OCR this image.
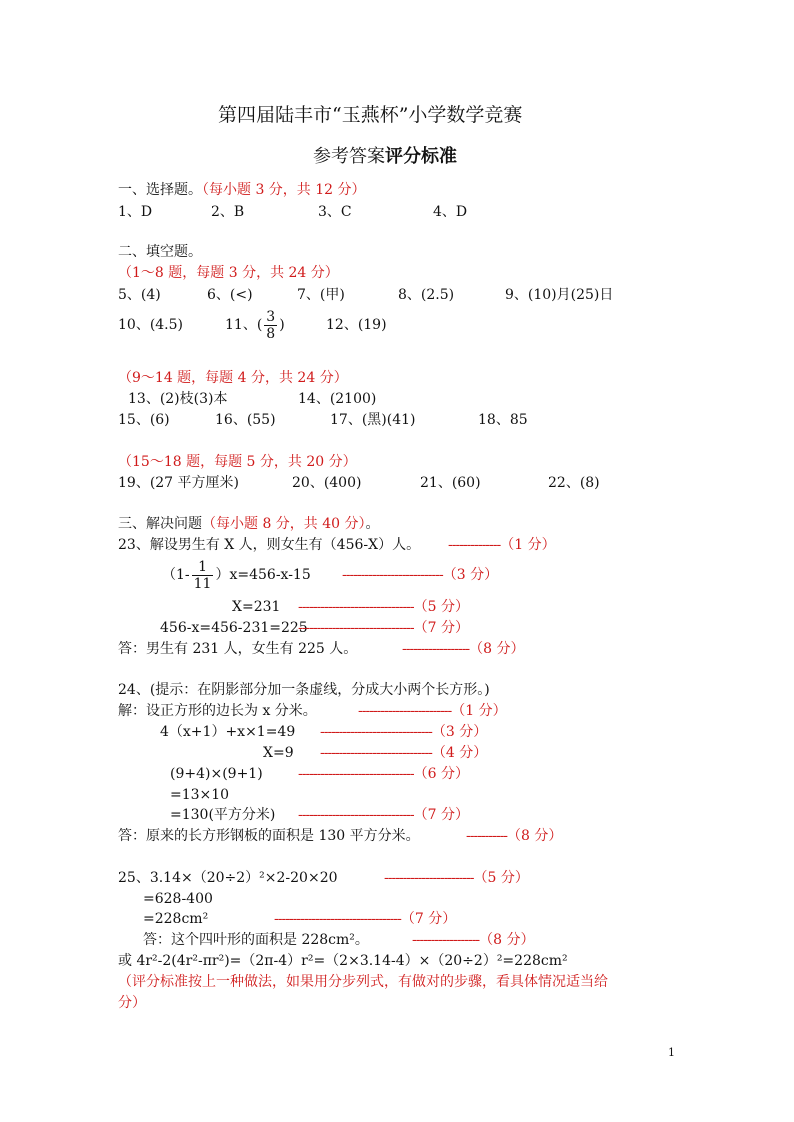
第四届陆丰市“玉燕杯”小学数学竞赛
参考答案评分标准
一、选择题。（每小题 3 分，共 12 分）
1、D	2、B	3、C	4、D
二、填空题。
（1～8 题，每题 3 分，共 24 分）
5、(4)	6、(<)	7、(甲)	8、(2.5)	9、(10)月(25)日
10、(4.5)	11、( $\frac{3}{8}$ )	12、(19)
（9～14 题，每题 4 分，共 24 分）
13、(2)枝(3)本	14、(2100)
15、(6)	16、(55)	17、(黑)(41)	18、85
（15～18 题，每题 5 分，共 20 分）
19、(27 平方厘米)	20、(400)	21、(60)	22、(8)
三、解决问题（每小题 8 分，共 40 分）。
23、解设男生有 X 人，则女生有（456-X）人。 --------------（1 分）
$(1- \frac{1}{11} )x=456-x-15$ ---------------------------（3 分）
X=231 -------------------------------（5 分）
456-x=456-231=225
-------------------------------（7 分）
答：男生有 231 人，女生有 225 人。	------------------（8 分）
24、(提示：在阴影部分加一条虚线，分成大小两个长方形。)
解：设正方形的边长为 x 分米。	-------------------------（1 分）
4（x+1）+x×1=49 ------------------------------（3 分）
X=9 ------------------------------（4 分）
(9+4)×(9+1)	-------------------------------（6 分）
=13×10
=130(平方分米) -------------------------------（7 分）
答：原来的长方形钢板的面积是 130 平方分米。	-----------（8 分）
25、3.14×（20÷2）²×2-20×20	------------------------（5 分）
=628-400
=228cm²	----------------------------------（7 分）
答：这个四叶形的面积是 228cm²。	------------------（8 分）
或 4r²-2(4r²-πr²)=（2π-4）r²=（2×3.14-4）×（20÷2）²=228cm²
（评分标准按上一种做法，如果用分步列式，有做对的步骤，看具体情况适当给
分）
1
